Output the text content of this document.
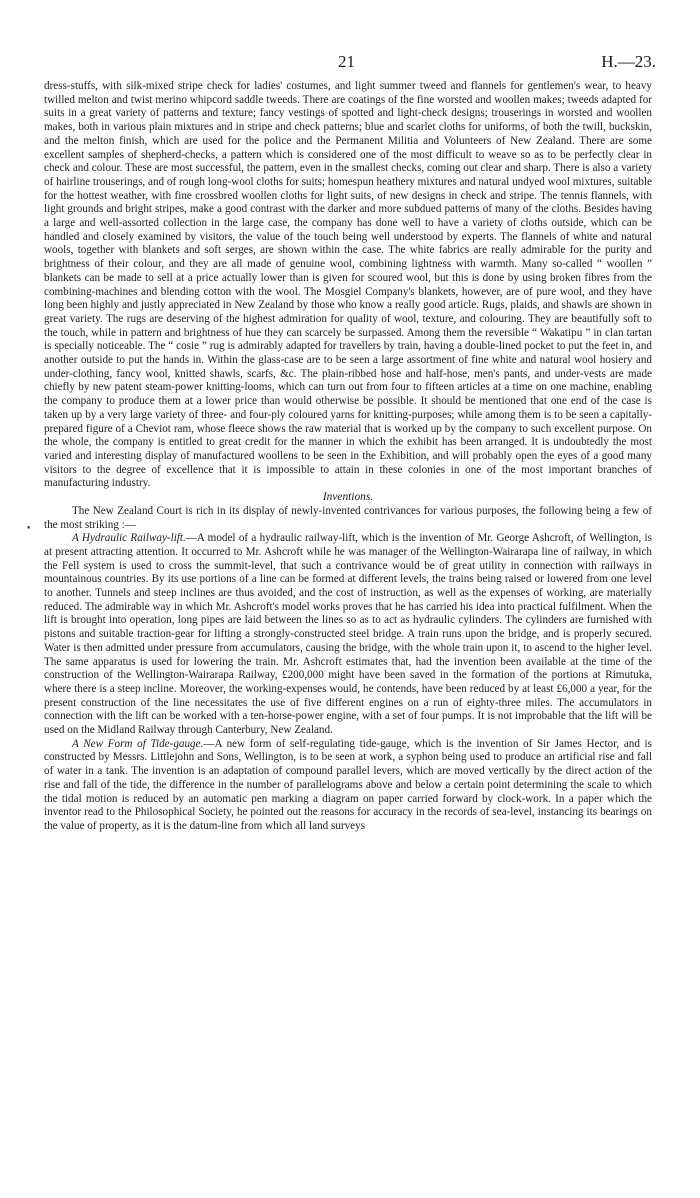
21	H.—23.
•

dress-stuffs, with silk-mixed stripe check for ladies' costumes, and light summer tweed and flannels for gentlemen's wear, to heavy twilled melton and twist merino whipcord saddle tweeds. There are coatings of the fine worsted and woollen makes; tweeds adapted for suits in a great variety of patterns and texture; fancy vestings of spotted and light-check designs; trouserings in worsted and woollen makes, both in various plain mixtures and in stripe and check patterns; blue and scarlet cloths for uniforms, of both the twill, buckskin, and the melton finish, which are used for the police and the Permanent Militia and Volunteers of New Zealand. There are some excellent samples of shepherd-checks, a pattern which is considered one of the most difficult to weave so as to be perfectly clear in check and colour. These are most successful, the pattern, even in the smallest checks, coming out clear and sharp. There is also a variety of hairline trouserings, and of rough long-wool cloths for suits; homespun heathery mixtures and natural undyed wool mixtures, suitable for the hottest weather, with fine crossbred woollen cloths for light suits, of new designs in check and stripe. The tennis flannels, with light grounds and bright stripes, make a good contrast with the darker and more subdued patterns of many of the cloths. Besides having a large and well-assorted collection in the large case, the company has done well to have a variety of cloths outside, which can be handled and closely examined by visitors, the value of the touch being well understood by experts. The flannels of white and natural wools, together with blankets and soft serges, are shown within the case. The white fabrics are really admirable for the purity and brightness of their colour, and they are all made of genuine wool, combining lightness with warmth. Many so-called “ woollen ” blankets can be made to sell at a price actually lower than is given for scoured wool, but this is done by using broken fibres from the combining-machines and blending cotton with the wool. The Mosgiel Company's blankets, however, are of pure wool, and they have long been highly and justly appreciated in New Zealand by those who know a really good article. Rugs, plaids, and shawls are shown in great variety. The rugs are deserving of the highest admiration for quality of wool, texture, and colouring. They are beautifully soft to the touch, while in pattern and brightness of hue they can scarcely be surpassed. Among them the reversible “ Wakatipu ” in clan tartan is specially noticeable. The “ cosie ” rug is admirably adapted for travellers by train, having a double-lined pocket to put the feet in, and another outside to put the hands in. Within the glass-case are to be seen a large assortment of fine white and natural wool hosiery and under-clothing, fancy wool, knitted shawls, scarfs, &c. The plain-ribbed hose and half-hose, men's pants, and under-vests are made chiefly by new patent steam-power knitting-looms, which can turn out from four to fifteen articles at a time on one machine, enabling the company to produce them at a lower price than would otherwise be possible. It should be mentioned that one end of the case is taken up by a very large variety of three- and four-ply coloured yarns for knitting-purposes; while among them is to be seen a capitally-prepared figure of a Cheviot ram, whose fleece shows the raw material that is worked up by the company to such excellent purpose. On the whole, the company is entitled to great credit for the manner in which the exhibit has been arranged. It is undoubtedly the most varied and interesting display of manufactured woollens to be seen in the Exhibition, and will probably open the eyes of a good many visitors to the degree of excellence that it is impossible to attain in these colonies in one of the most important branches of manufacturing industry.

Inventions.

The New Zealand Court is rich in its display of newly-invented contrivances for various purposes, the following being a few of the most striking :—

A Hydraulic Railway-lift.—A model of a hydraulic railway-lift, which is the invention of Mr. George Ashcroft, of Wellington, is at present attracting attention. It occurred to Mr. Ashcroft while he was manager of the Wellington-Wairarapa line of railway, in which the Fell system is used to cross the summit-level, that such a contrivance would be of great utility in connection with railways in mountainous countries. By its use portions of a line can be formed at different levels, the trains being raised or lowered from one level to another. Tunnels and steep inclines are thus avoided, and the cost of instruction, as well as the expenses of working, are materially reduced. The admirable way in which Mr. Ashcroft's model works proves that he has carried his idea into practical fulfilment. When the lift is brought into operation, long pipes are laid between the lines so as to act as hydraulic cylinders. The cylinders are furnished with pistons and suitable traction-gear for lifting a strongly-constructed steel bridge. A train runs upon the bridge, and is properly secured. Water is then admitted under pressure from accumulators, causing the bridge, with the whole train upon it, to ascend to the higher level. The same apparatus is used for lowering the train. Mr. Ashcroft estimates that, had the invention been available at the time of the construction of the Wellington-Wairarapa Railway, £200,000 might have been saved in the formation of the portions at Rimutuka, where there is a steep incline. Moreover, the working-expenses would, he contends, have been reduced by at least £6,000 a year, for the present construction of the line necessitates the use of five different engines on a run of eighty-three miles. The accumulators in connection with the lift can be worked with a ten-horse-power engine, with a set of four pumps. It is not improbable that the lift will be used on the Midland Railway through Canterbury, New Zealand.

A New Form of Tide-gauge.—A new form of self-regulating tide-gauge, which is the invention of Sir James Hector, and is constructed by Messrs. Littlejohn and Sons, Wellington, is to be seen at work, a syphon being used to produce an artificial rise and fall of water in a tank. The invention is an adaptation of compound parallel levers, which are moved vertically by the direct action of the rise and fall of the tide, the difference in the number of parallelograms above and below a certain point determining the scale to which the tidal motion is reduced by an automatic pen marking a diagram on paper carried forward by clock-work. In a paper which the inventor read to the Philosophical Society, he pointed out the reasons for accuracy in the records of sea-level, instancing its bearings on the value of property, as it is the datum-line from which all land surveys
